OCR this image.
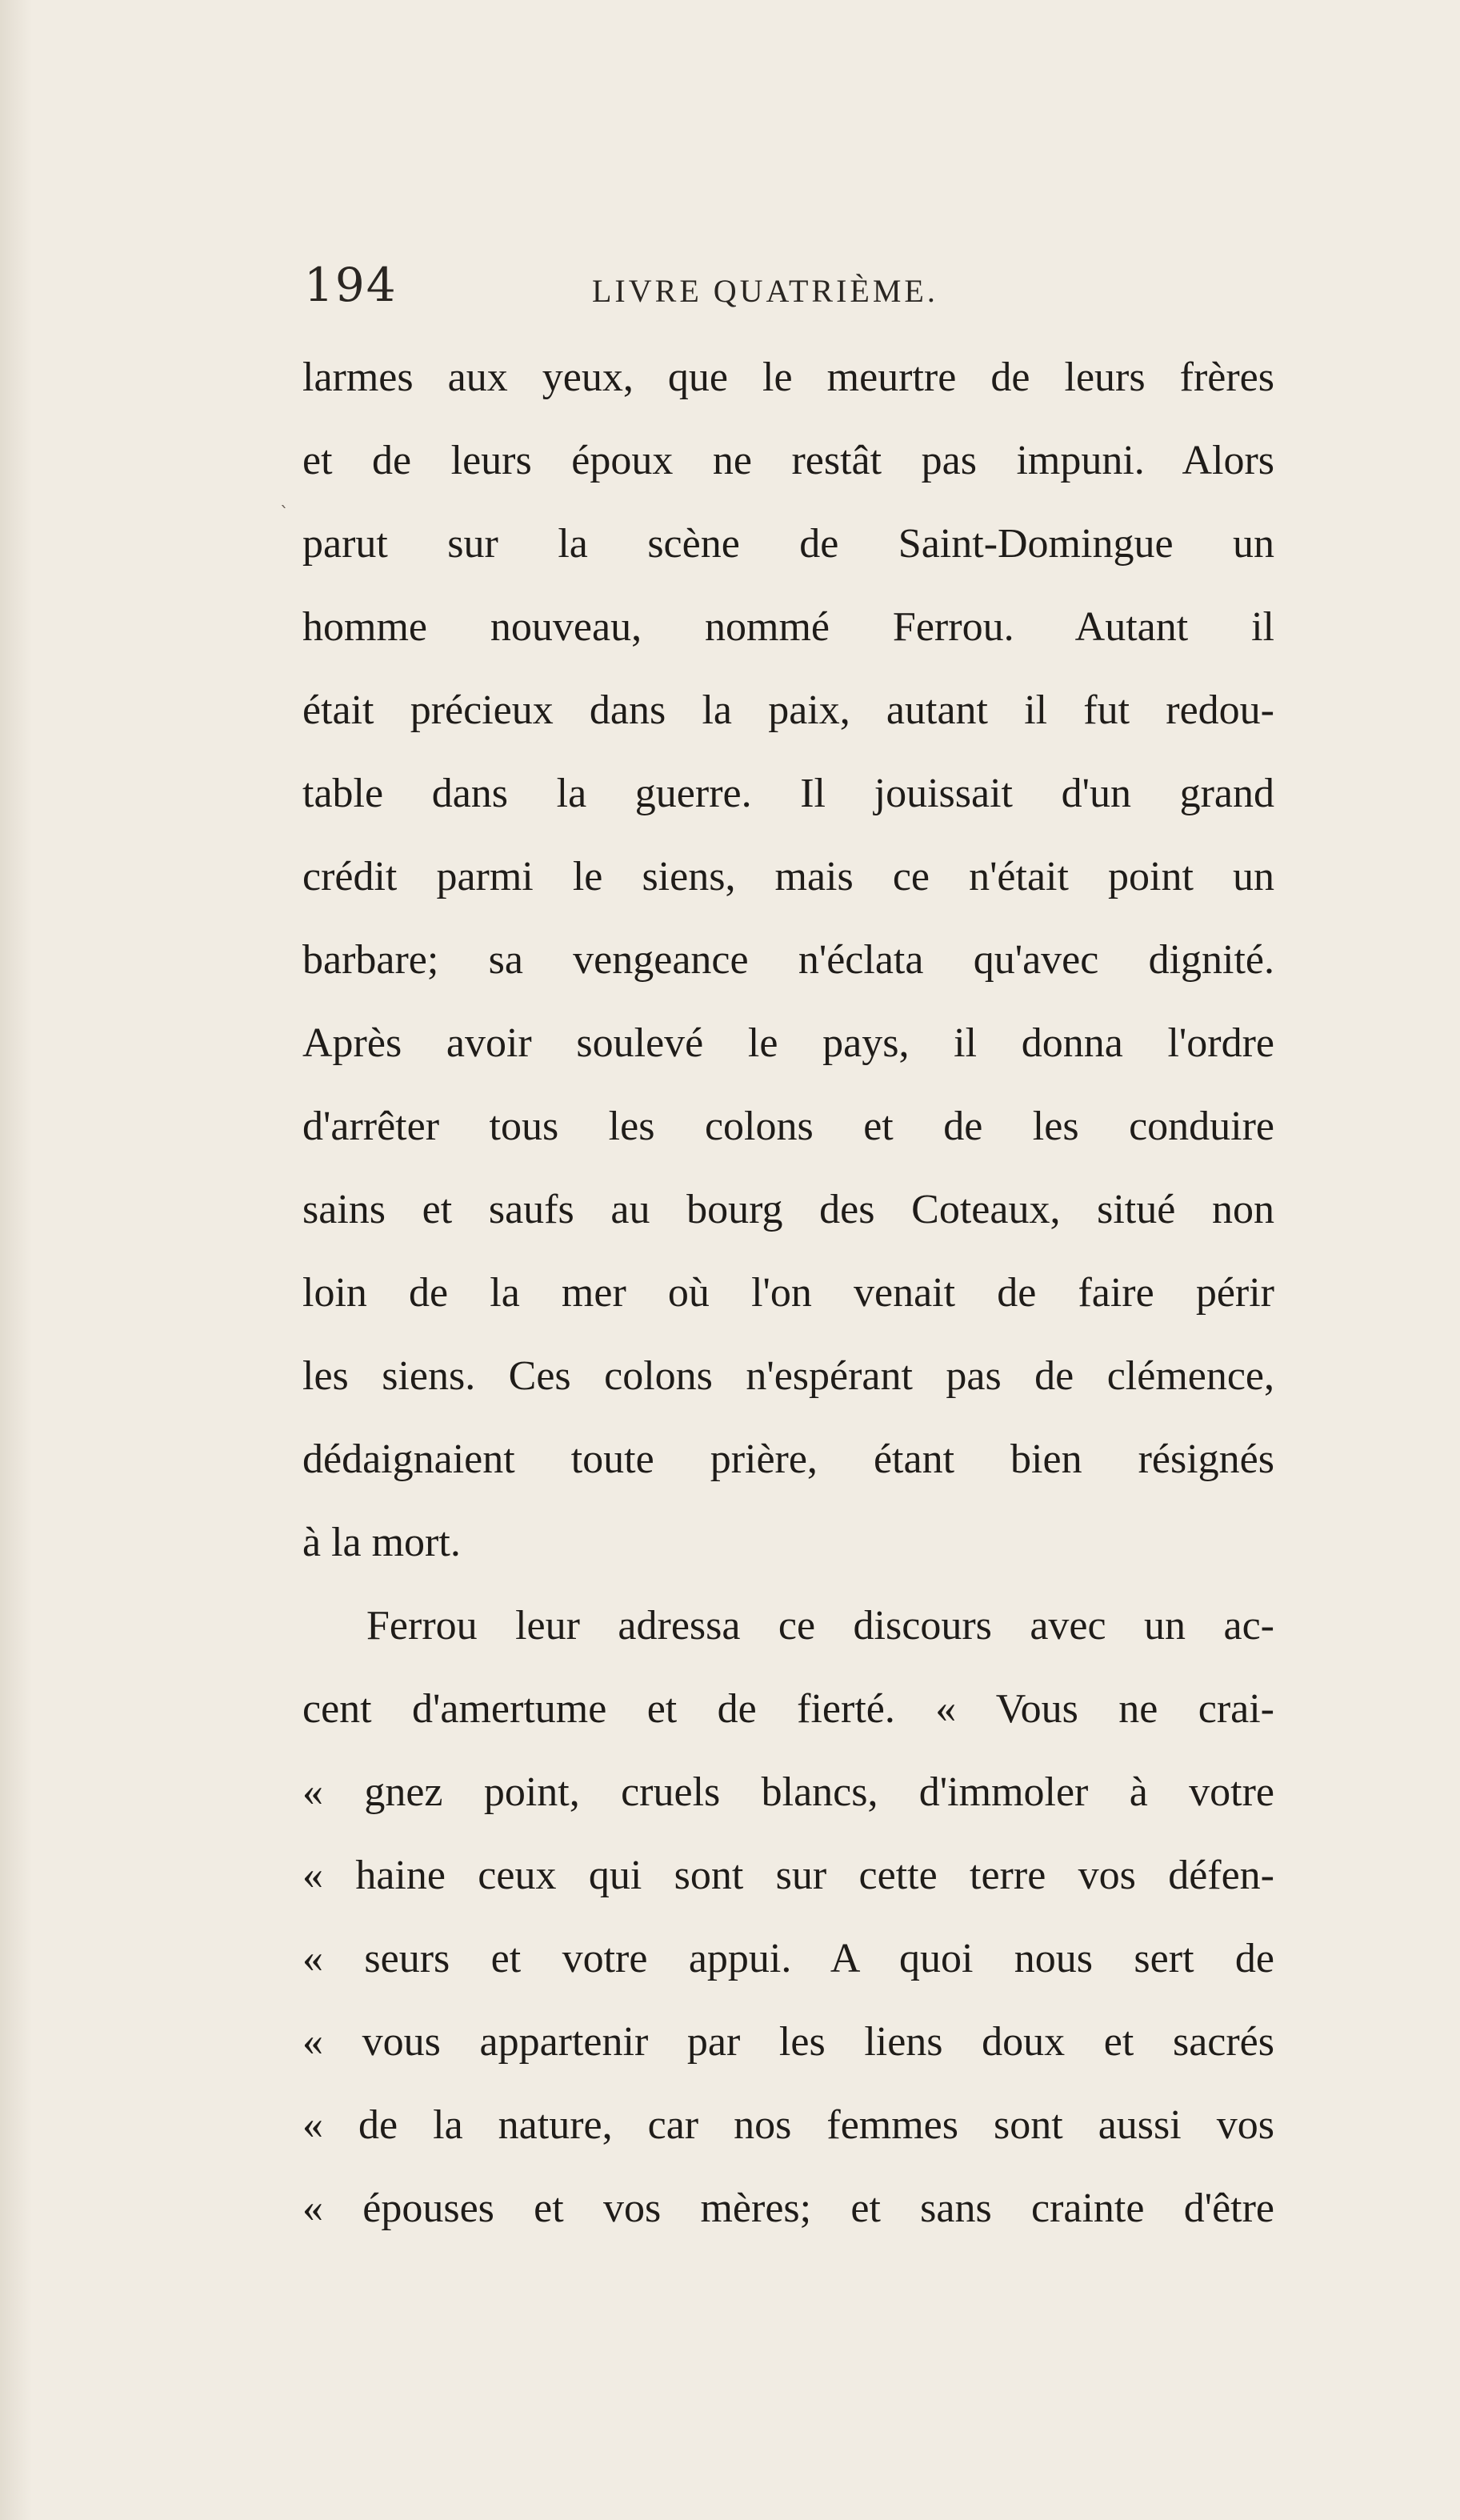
194	LIVRE QUATRIÈME.
ˋ
larmes aux yeux, que le meurtre de leurs frères
et de leurs époux ne restât pas impuni. Alors
parut sur la scène de Saint-Domingue un
homme nouveau, nommé Ferrou. Autant il
était précieux dans la paix, autant il fut redou-
table dans la guerre. Il jouissait d'un grand
crédit parmi le siens, mais ce n'était point un
barbare; sa vengeance n'éclata qu'avec dignité.
Après avoir soulevé le pays, il donna l'ordre
d'arrêter tous les colons et de les conduire
sains et saufs au bourg des Coteaux, situé non
loin de la mer où l'on venait de faire périr
les siens. Ces colons n'espérant pas de clémence,
dédaignaient toute prière, étant bien résignés
à la mort.
Ferrou leur adressa ce discours avec un ac-
cent d'amertume et de fierté. « Vous ne crai-
« gnez point, cruels blancs, d'immoler à votre
« haine ceux qui sont sur cette terre vos défen-
« seurs et votre appui. A quoi nous sert de
« vous appartenir par les liens doux et sacrés
« de la nature, car nos femmes sont aussi vos
« épouses et vos mères; et sans crainte d'être
